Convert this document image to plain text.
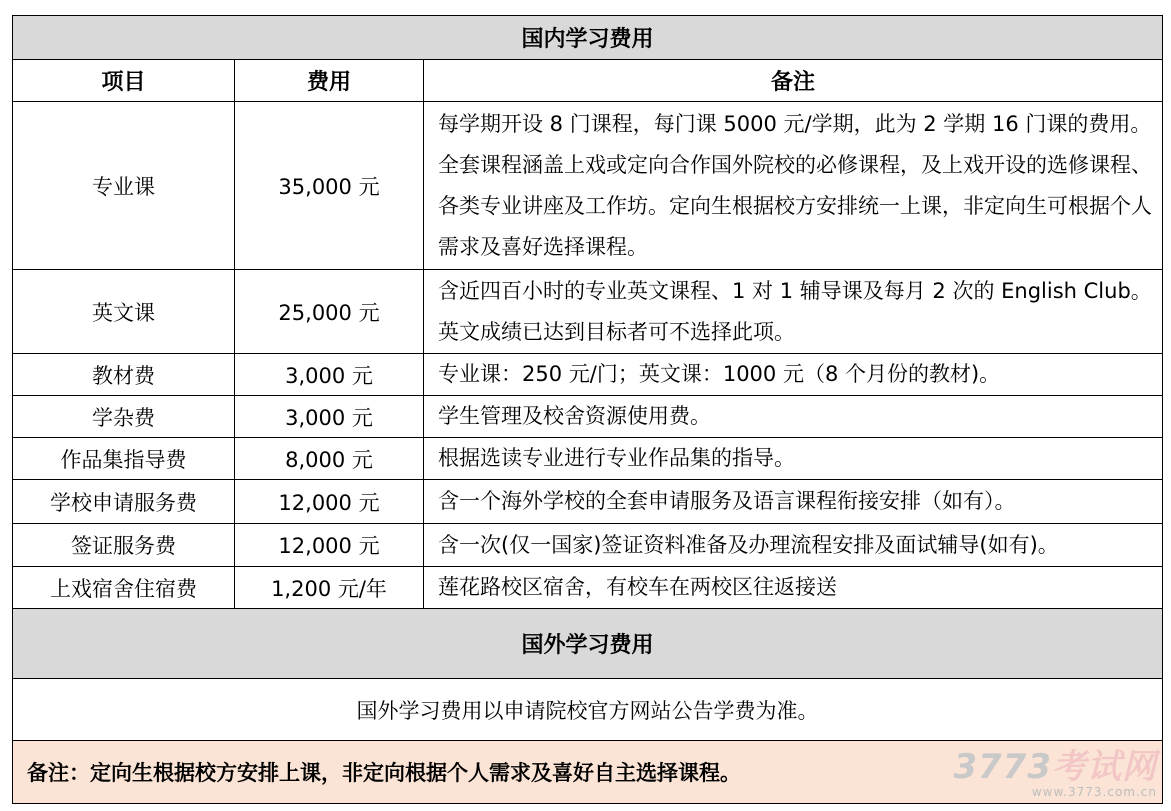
国内学习费用		
项目	费用	备注
专业课	35,000 元	每学期开设 8 门课程，每门课 5000 元/学期，此为 2 学期 16 门课的费用。全套课程涵盖上戏或定向合作国外院校的必修课程，及上戏开设的选修课程、各类专业讲座及工作坊。定向生根据校方安排统一上课，非定向生可根据个人需求及喜好选择课程。
英文课	25,000 元	含近四百小时的专业英文课程、1 对 1 辅导课及每月 2 次的 English Club。英文成绩已达到目标者可不选择此项。
教材费	3,000 元	专业课：250 元/门；英文课：1000 元（8 个月份的教材)。
学杂费	3,000 元	学生管理及校舍资源使用费。
作品集指导费	8,000 元	根据选读专业进行专业作品集的指导。
学校申请服务费	12,000 元	含一个海外学校的全套申请服务及语言课程衔接安排（如有）。
签证服务费	12,000 元	含一次(仅一国家)签证资料准备及办理流程安排及面试辅导(如有)。
上戏宿舍住宿费	1,200 元/年	莲花路校区宿舍，有校车在两校区往返接送
国外学习费用		
国外学习费用以申请院校官方网站公告学费为准。		
备注：定向生根据校方安排上课，非定向根据个人需求及喜好自主选择课程。			3773考试网
www.3773.com.cn
